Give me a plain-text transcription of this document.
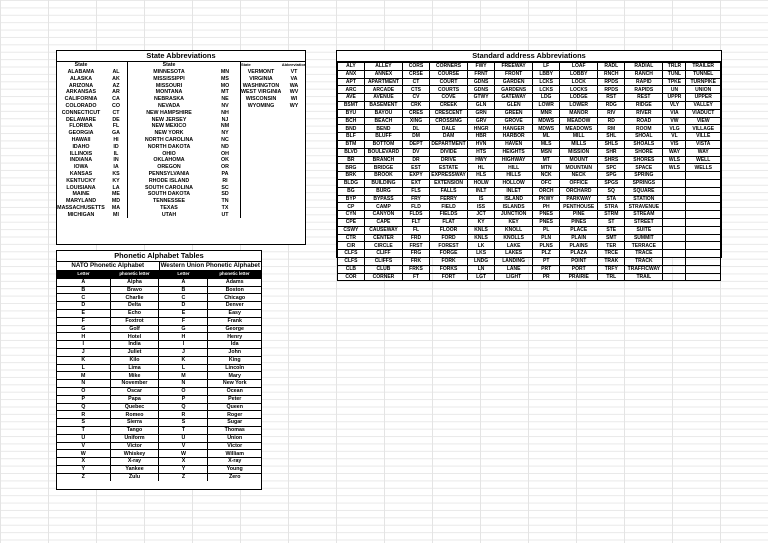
State Abbreviations
State	
ALABAMA	AL
ALASKA	AK
ARIZONA	AZ
ARKANSAS	AR
CALIFORNIA	CA
COLORADO	CO
CONNECTICUT	CT
DELAWARE	DE
FLORIDA	FL
GEORGIA	GA
HAWAII	HI
IDAHO	ID
ILLINOIS	IL
INDIANA	IN
IOWA	IA
KANSAS	KS
KENTUCKY	KY
LOUISIANA	LA
MAINE	ME
MARYLAND	MD
MASSACHUSETTS	MA
MICHIGAN	MI
State	
MINNESOTA	MN
MISSISSIPPI	MS
MISSOURI	MO
MONTANA	MT
NEBRASKA	NE
NEVADA	NV
NEW HAMPSHIRE	NH
NEW JERSEY	NJ
NEW MEXICO	NM
NEW YORK	NY
NORTH CAROLINA	NC
NORTH DAKOTA	ND
OHIO	OH
OKLAHOMA	OK
OREGON	OR
PENNSYLVANIA	PA
RHODE ISLAND	RI
SOUTH CAROLINA	SC
SOUTH DAKOTA	SD
TENNESSEE	TN
TEXAS	TX
UTAH	UT
State	Abbreviation
VERMONT	VT
VIRGINIA	VA
WASHINGTON	WA
WEST VIRGINIA	WV
WISCONSIN	WI
WYOMING	WY
Phonetic Alphabet Tables
NATO Phonetic Alphabet	Western Union Phonetic Alphabet
Letter	phonetic letter	Letter	phonetic letter
A	Alpha	A	Adams
B	Bravo	B	Boston
C	Charlie	C	Chicago
D	Delta	D	Denver
E	Echo	E	Easy
F	Foxtrot	F	Frank
G	Golf	G	George
H	Hotel	H	Henry
I	India	I	Ida
J	Juliet	J	John
K	Kilo	K	King
L	Lima	L	Lincoln
M	Mike	M	Mary
N	November	N	New York
O	Oscar	O	Ocean
P	Papa	P	Peter
Q	Quebec	Q	Queen
R	Romeo	R	Roger
S	Sierra	S	Sugar
T	Tango	T	Thomas
U	Uniform	U	Union
V	Victor	V	Victor
W	Whiskey	W	William
X	X-ray	X	X-ray
Y	Yankee	Y	Young
Z	Zulu	Z	Zero
Standard address Abbreviations
ALY	ALLEY	CORS	CORNERS	FWY	FREEWAY	LF	LOAF	RADL	RADIAL	TRLR	TRAILER
ANX	ANNEX	CRSE	COURSE	FRNT	FRONT	LBBY	LOBBY	RNCH	RANCH	TUNL	TUNNEL
APT	APARTMENT	CT	COURT	GDNS	GARDEN	LCKS	LOCK	RPDS	RAPID	TPKE	TURNPIKE
ARC	ARCADE	CTS	COURTS	GDNS	GARDENS	LCKS	LOCKS	RPDS	RAPIDS	UN	UNION
AVE	AVENUE	CV	COVE	GTWY	GATEWAY	LDG	LODGE	RST	REST	UPPR	UPPER
BSMT	BASEMENT	CRK	CREEK	GLN	GLEN	LOWR	LOWER	RDG	RIDGE	VLY	VALLEY
BYU	BAYOU	CRES	CRESCENT	GRN	GREEN	MNR	MANOR	RIV	RIVER	VIA	VIADUCT
BCH	BEACH	XING	CROSSING	GRV	GROVE	MDWS	MEADOW	RD	ROAD	VW	VIEW
BND	BEND	DL	DALE	HNGR	HANGER	MDWS	MEADOWS	RM	ROOM	VLG	VILLAGE
BLF	BLUFF	DM	DAM	HBR	HARBOR	ML	MILL	SHL	SHOAL	VL	VILLE
BTM	BOTTOM	DEPT	DEPARTMENT	HVN	HAVEN	MLS	MILLS	SHLS	SHOALS	VIS	VISTA
BLVD	BOULEVARD	DV	DIVIDE	HTS	HEIGHTS	MSN	MISSION	SHR	SHORE	WAY	WAY
BR	BRANCH	DR	DRIVE	HWY	HIGHWAY	MT	MOUNT	SHRS	SHORES	WLS	WELL
BRG	BRIDGE	EST	ESTATE	HL	HILL	MTN	MOUNTAIN	SPC	SPACE	WLS	WELLS
BRK	BROOK	EXPY	EXPRESSWAY	HLS	HILLS	NCK	NECK	SPG	SPRING		
BLDG	BUILDING	EXT	EXTENSION	HOLW	HOLLOW	OFC	OFFICE	SPGS	SPRINGS		
BG	BURG	FLS	FALLS	INLT	INLET	ORCH	ORCHARD	SQ	SQUARE		
BYP	BYPASS	FRY	FERRY	IS	ISLAND	PKWY	PARKWAY	STA	STATION		
CP	CAMP	FLD	FIELD	ISS	ISLANDS	PH	PENTHOUSE	STRA	STRAVENUE		
CYN	CANYON	FLDS	FIELDS	JCT	JUNCTION	PNES	PINE	STRM	STREAM		
CPE	CAPE	FLT	FLAT	KY	KEY	PNES	PINES	ST	STREET		
CSWY	CAUSEWAY	FL	FLOOR	KNLS	KNOLL	PL	PLACE	STE	SUITE		
CTR	CENTER	FRD	FORD	KNLS	KNOLLS	PLN	PLAIN	SMT	SUMMIT		
CIR	CIRCLE	FRST	FOREST	LK	LAKE	PLNS	PLAINS	TER	TERRACE		
CLFS	CLIFF	FRG	FORGE	LKS	LAKES	PLZ	PLAZA	TRCE	TRACE		
CLFS	CLIFFS	FRK	FORK	LNDG	LANDING	PT	POINT	TRAK	TRACK		
CLB	CLUB	FRKS	FORKS	LN	LANE	PRT	PORT	TRFY	TRAFFICWAY		
COR	CORNER	FT	FORT	LGT	LIGHT	PR	PRAIRIE	TRL	TRAIL		
